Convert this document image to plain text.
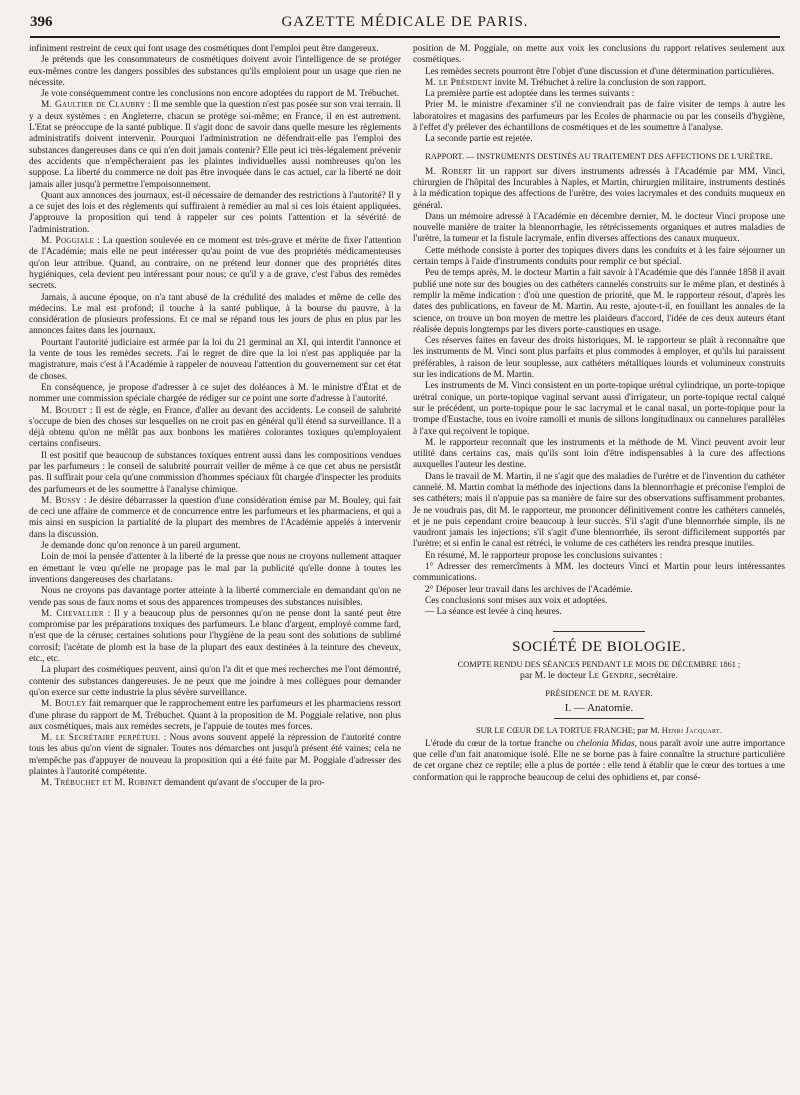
396	GAZETTE MÉDICALE DE PARIS.

infiniment restreint de ceux qui font usage des cosmétiques dont l'emploi peut être dangereux.

Je prétends que les consommateurs de cosmétiques doivent avoir l'intelligence de se protéger eux-mêmes contre les dangers possibles des substances qu'ils emploient pour un usage que rien ne nécessite.

Je vote conséquemment contre les conclusions non encore adoptées du rapport de M. Trébuchet.

M. Gaultier de Claubry : Il me semble que la question n'est pas posée sur son vrai terrain. Il y a deux systèmes : en Angleterre, chacun se protège soi-même; en France, il en est autrement. L'Etat se préoccupe de la santé publique. Il s'agit donc de savoir dans quelle mesure les règlements administratifs doivent intervenir. Pourquoi l'administration ne défendrait-elle pas l'emploi des substances dangereuses dans ce qui n'en doit jamais contenir? Elle peut ici très-légalement prévenir des accidents que n'empêcheraient pas les plaintes individuelles aussi nombreuses qu'on les suppose. La liberté du commerce ne doit pas être invoquée dans le cas actuel, car la liberté ne doit jamais aller jusqu'à permettre l'empoisonnement.

Quant aux annonces des journaux, est-il nécessaire de demander des restrictions à l'autorité? Il y a ce sujet des lois et des règlements qui suffiraient à remédier au mal si ces lois étaient appliquées. J'approuve la proposition qui tend à rappeler sur ces points l'attention et la sévérité de l'administration.

M. Poggiale : La question soulevée en ce moment est très-grave et mérite de fixer l'attention de l'Académie; mais elle ne peut intéresser qu'au point de vue des propriétés médicamenteuses qu'on leur attribue. Quand, au contraire, on ne prétend leur donner que des propriétés dites hygiéniques, cela devient peu intéressant pour nous; ce qu'il y a de grave, c'est l'abus des remèdes secrets.

Jamais, à aucune époque, on n'a tant abusé de la crédulité des malades et même de celle des médecins. Le mal est profond; il touche à la santé publique, à la bourse du pauvre, à la considération de plusieurs professions. Et ce mal se répand tous les jours de plus en plus par les annonces faites dans les journaux.

Pourtant l'autorité judiciaire est armée par la loi du 21 germinal an XI, qui interdit l'annonce et la vente de tous les remèdes secrets. J'ai le regret de dire que la loi n'est pas appliquée par la magistrature, mais c'est à l'Académie à rappeler de nouveau l'attention du gouvernement sur cet état de choses.

En conséquence, je propose d'adresser à ce sujet des doléances à M. le ministre d'État et de nommer une commission spéciale chargée de rédiger sur ce point une sorte d'adresse à l'autorité.

M. Boudet : Il est de règle, en France, d'aller au devant des accidents. Le conseil de salubrité s'occupe de bien des choses sur lesquelles on ne croit pas en général qu'il étend sa surveillance. Il a déjà obtenu qu'on ne mêlât pas aux bonbons les matières colorantes toxiques qu'employaient certains confiseurs.

Il est positif que beaucoup de substances toxiques entrent aussi dans les compositions vendues par les parfumeurs : le conseil de salubrité pourrait veiller de même à ce que cet abus ne persistât pas. Il suffirait pour cela qu'une commission d'hommes spéciaux fût chargée d'inspecter les produits des parfumeurs et de les soumettre à l'analyse chimique.

M. Bussy : Je désire débarrasser la question d'une considération émise par M. Bouley, qui fait de ceci une affaire de commerce et de concurrence entre les parfumeurs et les pharmaciens, et qui a mis ainsi en suspicion la partialité de la plupart des membres de l'Académie appelés à intervenir dans la discussion.

Je demande donc qu'on renonce à un pareil argument.

Loin de moi la pensée d'attenter à la liberté de la presse que nous ne croyons nullement attaquer en émettant le vœu qu'elle ne propage pas le mal par la publicité qu'elle donne à toutes les inventions dangereuses des charlatans.

Nous ne croyons pas davantage porter atteinte à la liberté commerciale en demandant qu'on ne vende pas sous de faux noms et sous des apparences trompeuses des substances nuisibles.

M. Chevallier : Il y a beaucoup plus de personnes qu'on ne pense dont la santé peut être compromise par les préparations toxiques des parfumeurs. Le blanc d'argent, employé comme fard, n'est que de la céruse; certaines solutions pour l'hygiène de la peau sont des solutions de sublimé corrosif; l'acétate de plomb est la base de la plupart des eaux destinées à la teinture des cheveux, etc., etc.

La plupart des cosmétiques peuvent, ainsi qu'on l'a dit et que mes recherches me l'ont démontré, contenir des substances dangereuses. Je ne peux que me joindre à mes collègues pour demander qu'on exerce sur cette industrie la plus sévère surveillance.

M. Bouley fait remarquer que le rapprochement entre les parfumeurs et les pharmaciens ressort d'une phrase du rapport de M. Trébuchet. Quant à la proposition de M. Poggiale relative, non plus aux cosmétiques, mais aux remèdes secrets, je l'appuie de toutes mes forces.

M. le Secrétaire perpétuel : Nous avons souvent appelé la répression de l'autorité contre tous les abus qu'on vient de signaler. Toutes nos démarches ont jusqu'à présent été vaines; cela ne m'empêche pas d'appuyer de nouveau la proposition qui a été faite par M. Poggiale d'adresser des plaintes à l'autorité compétente.

M. Trébuchet et M. Robinet demandent qu'avant de s'occuper de la pro-

position de M. Poggiale, on mette aux voix les conclusions du rapport relatives seulement aux cosmétiques.

Les remèdes secrets pourront être l'objet d'une discussion et d'une détermination particulières.

M. le Président invite M. Trébuchet à relire la conclusion de son rapport.

La première partie est adoptée dans les termes suivants :

Prier M. le ministre d'examiner s'il ne conviendrait pas de faire visiter de temps à autre les laboratoires et magasins des parfumeurs par les Ecoles de pharmacie ou par les conseils d'hygiène, à l'effet d'y prélever des échantillons de cosmétiques et de les soumettre à l'analyse.

La seconde partie est rejetée.

RAPPORT. — INSTRUMENTS DESTINÉS AU TRAITEMENT DES AFFECTIONS DE L'URÈTRE.

M. Robert lit un rapport sur divers instruments adressés à l'Académie par MM. Vinci, chirurgien de l'hôpital des Incurables à Naples, et Martin, chirurgien militaire, instruments destinés à la médication topique des affections de l'urètre, des voies lacrymales et des conduits muqueux en général.

Dans un mémoire adressé à l'Académie en décembre dernier, M. le docteur Vinci propose une nouvelle manière de traiter la blennorrhagie, les rétrécissements organiques et autres maladies de l'urètre, la tumeur et la fistule lacrymale, enfin diverses affections des canaux muqueux.

Cette méthode consiste à porter des topiques divers dans les conduits et à les faire séjourner un certain temps à l'aide d'instruments conduits pour remplir ce but spécial.

Peu de temps après, M. le docteur Martin a fait savoir à l'Académie que dès l'année 1858 il avait publié une note sur des bougies ou des cathéters cannelés construits sur le même plan, et destinés à remplir la même indication : d'où une question de priorité, que M. le rapporteur résout, d'après les dates des publications, en faveur de M. Martin. Au reste, ajoute-t-il, en fouillant les annales de la science, on trouve un bon moyen de mettre les plaideurs d'accord, l'idée de ces deux auteurs étant réalisée depuis longtemps par les divers porte-caustiques en usage.

Ces réserves faites en faveur des droits historiques, M. le rapporteur se plaît à reconnaître que les instruments de M. Vinci sont plus parfaits et plus commodes à employer, et qu'ils lui paraissent préférables, à raison de leur souplesse, aux cathéters métalliques lourds et volumineux construits sur les indications de M. Martin.

Les instruments de M. Vinci consistent en un porte-topique urétral cylindrique, un porte-topique urétral conique, un porte-topique vaginal servant aussi d'irrigateur, un porte-topique rectal calqué sur le précédent, un porte-topique pour le sac lacrymal et le canal nasal, un porte-topique pour la trompe d'Eustache, tous en ivoire ramolli et munis de sillons longitudinaux ou cannelures parallèles à l'axe qui reçoivent le topique.

M. le rapporteur reconnaît que les instruments et la méthode de M. Vinci peuvent avoir leur utilité dans certains cas, mais qu'ils sont loin d'être indispensables à la cure des affections auxquelles l'auteur les destine.

Dans le travail de M. Martin, il ne s'agit que des maladies de l'urètre et de l'invention du cathéter cannelé. M. Martin combat la méthode des injections dans la blennorrhagie et préconise l'emploi de ses cathéters; mais il n'appuie pas sa manière de faire sur des observations suffisamment probantes. Je ne voudrais pas, dit M. le rapporteur, me prononcer définitivement contre les cathéters cannelés, et je ne puis cependant croire beaucoup à leur succès. S'il s'agit d'une blennorrhée simple, ils ne vaudront jamais les injections; s'il s'agit d'une blennorrhée, ils seront difficilement supportés par l'urètre; et si enfin le canal est rétréci, le volume de ces cathéters les rendra presque inutiles.

En résumé, M. le rapporteur propose les conclusions suivantes :

1° Adresser des remercîments à MM. les docteurs Vinci et Martin pour leurs intéressantes communications.

2° Déposer leur travail dans les archives de l'Académie.

Ces conclusions sont mises aux voix et adoptées.

— La séance est levée à cinq heures.

SOCIÉTÉ DE BIOLOGIE.
COMPTE RENDU DES SÉANCES PENDANT LE MOIS DE DÉCEMBRE 1861 ;
par M. le docteur Le Gendre, secrétaire.
PRÉSIDENCE DE M. RAYER.
I. — Anatomie.
SUR LE CŒUR DE LA TORTUE FRANCHE; par M. Henri Jacquart.

L'étude du cœur de la tortue franche ou chelonia Midas, nous paraît avoir une autre importance que celle d'un fait anatomique isolé. Elle ne se borne pas à faire connaître la structure particulière de cet organe chez ce reptile; elle a plus de portée : elle tend à établir que le cœur des tortues a une conformation qui le rapproche beaucoup de celui des ophidiens et, par consé-
